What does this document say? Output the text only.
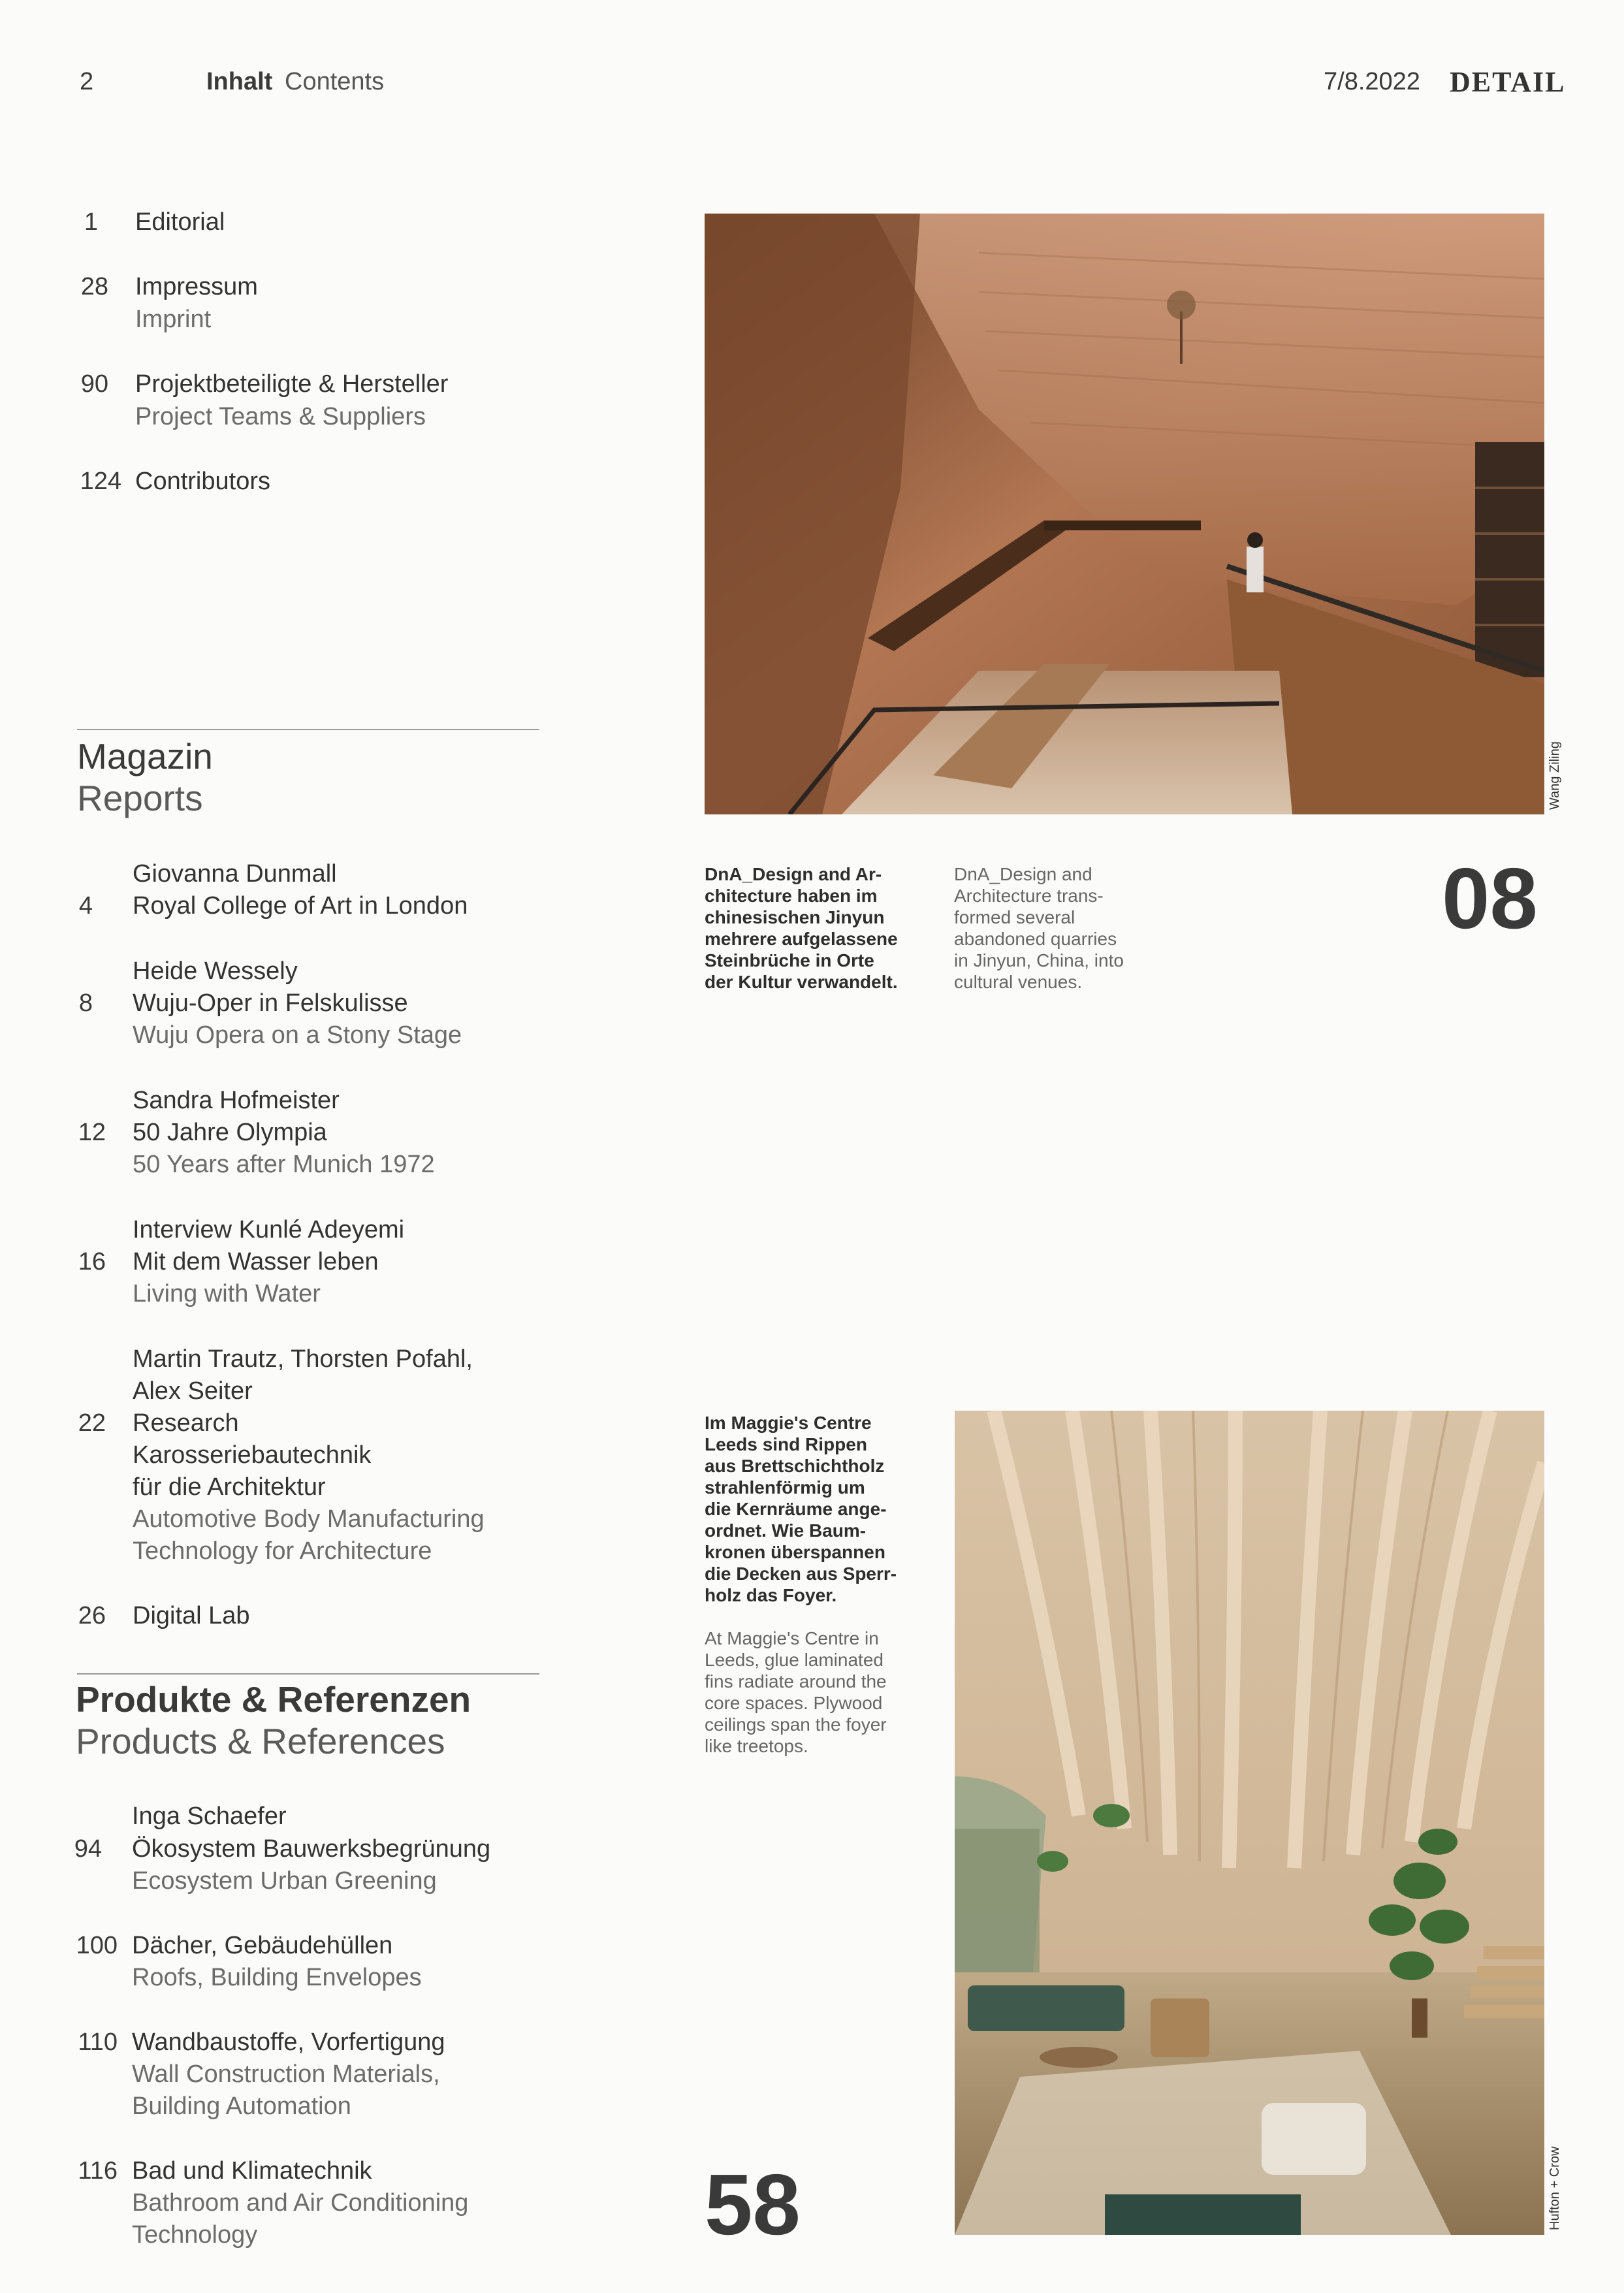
2	Inhalt Contents	7/8.2022 DETAIL
1 Editorial
28 Impressum
Imprint
90 Projektbeteiligte & Hersteller
Project Teams & Suppliers
124 Contributors
Magazin
Reports
Giovanna Dunmall
4 Royal College of Art in London
Heide Wessely
8 Wuju-Oper in Felskulisse
Wuju Opera on a Stony Stage
Sandra Hofmeister
12 50 Jahre Olympia
50 Years after Munich 1972
Interview Kunlé Adeyemi
16 Mit dem Wasser leben
Living with Water
Martin Trautz, Thorsten Pofahl,
Alex Seiter
22 Research
Karosseriebautechnik
für die Architektur
Automotive Body Manufacturing
Technology for Architecture
26 Digital Lab
Produkte & Referenzen
Products & References
Inga Schaefer
94 Ökosystem Bauwerksbegrünung
Ecosystem Urban Greening
100 Dächer, Gebäudehüllen
Roofs, Building Envelopes
110 Wandbaustoffe, Vorfertigung
Wall Construction Materials,
Building Automation
116 Bad und Klimatechnik
Bathroom and Air Conditioning
Technology
Wang Ziling
DnA_Design and Ar-
chitecture haben im
chinesischen Jinyun
mehrere aufgelassene
Steinbrüche in Orte
der Kultur verwandelt.
DnA_Design and
Architecture trans-
formed several
abandoned quarries
in Jinyun, China, into
cultural venues.
08
Im Maggie's Centre
Leeds sind Rippen
aus Brettschichtholz
strahlenförmig um
die Kernräume ange-
ordnet. Wie Baum-
kronen überspannen
die Decken aus Sperr-
holz das Foyer.
At Maggie's Centre in
Leeds, glue laminated
fins radiate around the
core spaces. Plywood
ceilings span the foyer
like treetops.
58	Hufton + Crow
